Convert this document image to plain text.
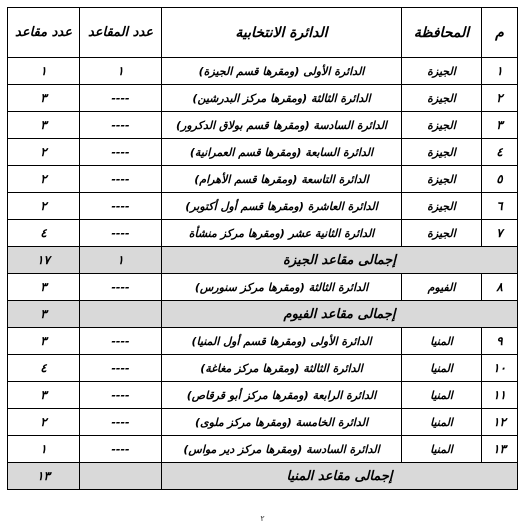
م	المحافظة	الدائرة الانتخابية	عدد المقاعد	عدد مقاعد
١	الجيزة	الدائرة الأولى (ومقرها قسم الجيزة)	١	١
٢	الجيزة	الدائرة الثالثة (ومقرها مركز البدرشين)	----	٣
٣	الجيزة	الدائرة السادسة (ومقرها قسم بولاق الدكرور)	----	٣
٤	الجيزة	الدائرة السابعة (ومقرها قسم العمرانية)	----	٢
٥	الجيزة	الدائرة التاسعة (ومقرها قسم الأهرام)	----	٢
٦	الجيزة	الدائرة العاشرة (ومقرها قسم أول أكتوبر)	----	٢
٧	الجيزة	الدائرة الثانية عشر (ومقرها مركز منشأة	----	٤
إجمالى مقاعد الجيزة			١	١٧
٨	الفيوم	الدائرة الثالثة (ومقرها مركز سنورس)	----	٣
إجمالى مقاعد الفيوم				٣
٩	المنيا	الدائرة الأولى (ومقرها قسم أول المنيا)	----	٣
١٠	المنيا	الدائرة الثالثة (ومقرها مركز مغاغة)	----	٤
١١	المنيا	الدائرة الرابعة (ومقرها مركز أبو قرقاص)	----	٣
١٢	المنيا	الدائرة الخامسة (ومقرها مركز ملوى)	----	٢
١٣	المنيا	الدائرة السادسة (ومقرها مركز دير مواس)	----	١
إجمالى مقاعد المنيا				١٣
٢
